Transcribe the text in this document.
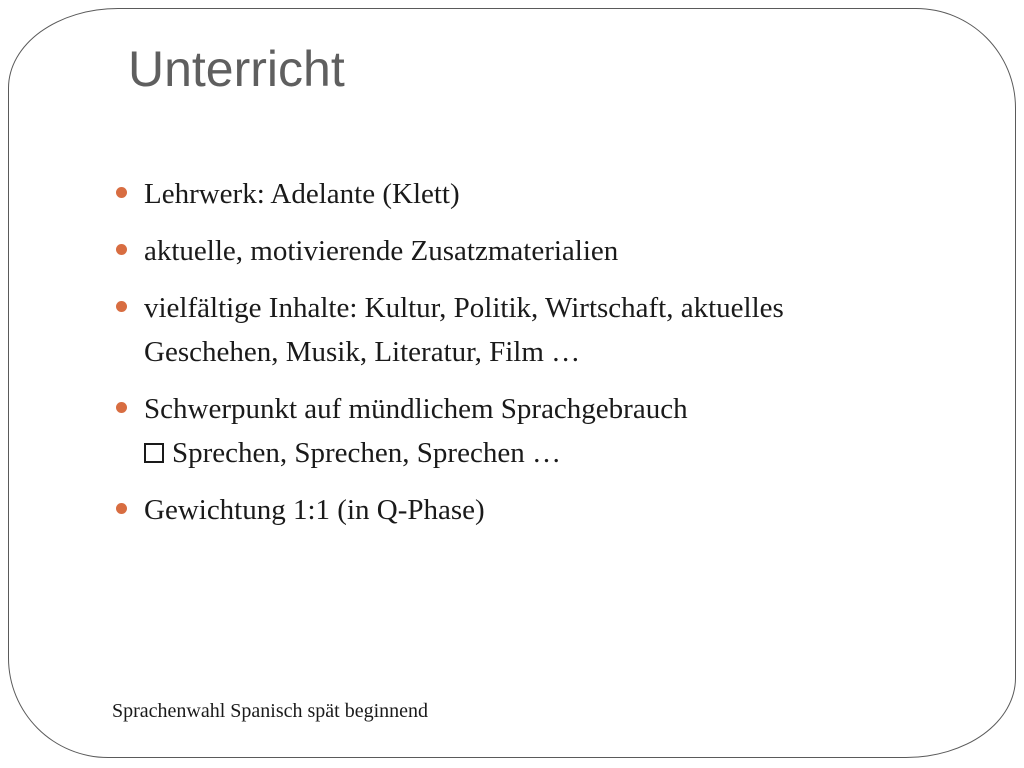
Unterricht
Lehrwerk: Adelante (Klett)
aktuelle, motivierende Zusatzmaterialien
vielfältige Inhalte: Kultur, Politik, Wirtschaft, aktuelles
Geschehen, Musik, Literatur, Film …
Schwerpunkt auf mündlichem Sprachgebrauch
Sprechen, Sprechen, Sprechen …
Gewichtung 1:1 (in Q-Phase)

Sprachenwahl Spanisch spät beginnend
